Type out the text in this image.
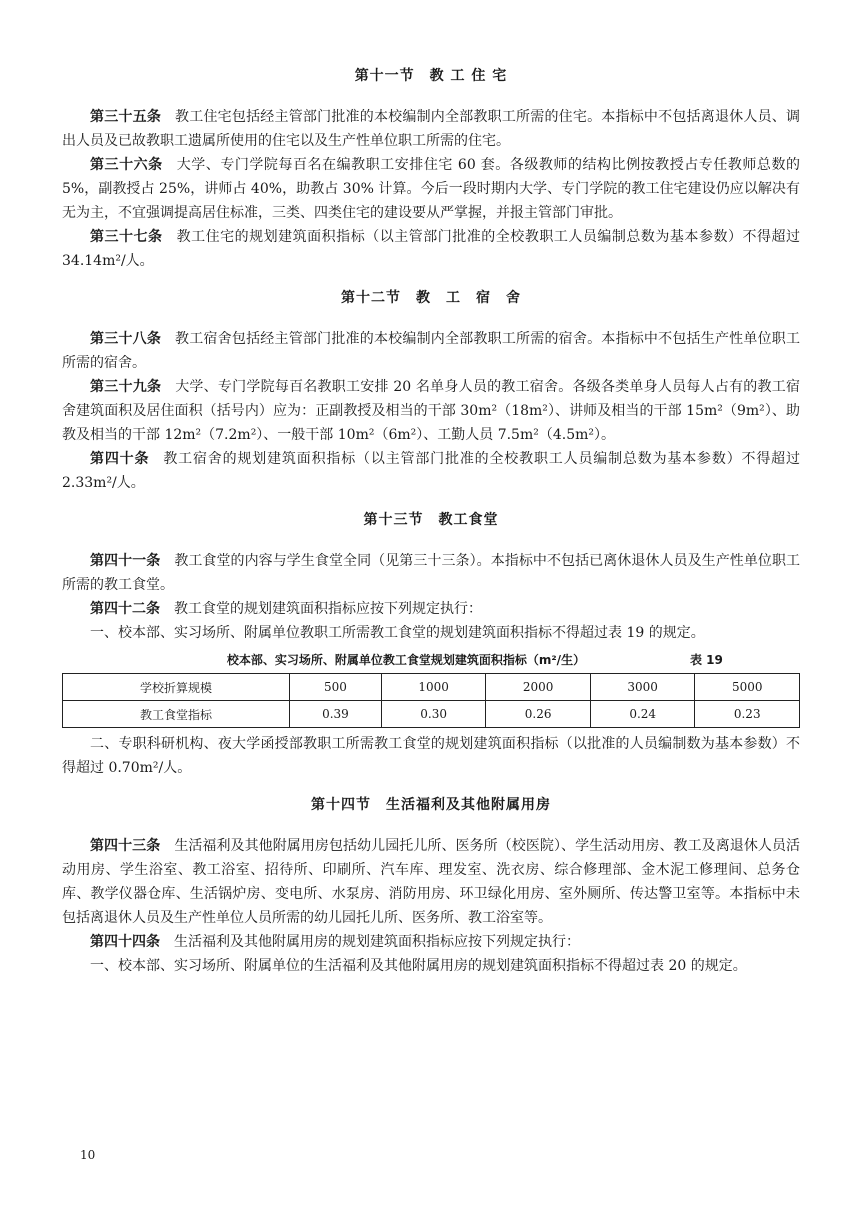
第十一节　教 工 住 宅

第三十五条 教工住宅包括经主管部门批准的本校编制内全部教职工所需的住宅。本指标中不包括离退休人员、调出人员及已故教职工遗属所使用的住宅以及生产性单位职工所需的住宅。

第三十六条 大学、专门学院每百名在编教职工安排住宅 60 套。各级教师的结构比例按教授占专任教师总数的 5%，副教授占 25%，讲师占 40%，助教占 30% 计算。今后一段时期内大学、专门学院的教工住宅建设仍应以解决有无为主，不宜强调提高居住标准，三类、四类住宅的建设要从严掌握，并报主管部门审批。

第三十七条 教工住宅的规划建筑面积指标（以主管部门批准的全校教职工人员编制总数为基本参数）不得超过 34.14m²/人。

第十二节　教　工　宿　舍

第三十八条 教工宿舍包括经主管部门批准的本校编制内全部教职工所需的宿舍。本指标中不包括生产性单位职工所需的宿舍。

第三十九条 大学、专门学院每百名教职工安排 20 名单身人员的教工宿舍。各级各类单身人员每人占有的教工宿舍建筑面积及居住面积（括号内）应为：正副教授及相当的干部 30m²（18m²）、讲师及相当的干部 15m²（9m²）、助教及相当的干部 12m²（7.2m²）、一般干部 10m²（6m²）、工勤人员 7.5m²（4.5m²）。

第四十条 教工宿舍的规划建筑面积指标（以主管部门批准的全校教职工人员编制总数为基本参数）不得超过 2.33m²/人。

第十三节　教工食堂

第四十一条 教工食堂的内容与学生食堂全同（见第三十三条）。本指标中不包括已离休退休人员及生产性单位职工所需的教工食堂。

第四十二条 教工食堂的规划建筑面积指标应按下列规定执行：

一、校本部、实习场所、附属单位教职工所需教工食堂的规划建筑面积指标不得超过表 19 的规定。

校本部、实习场所、附属单位教工食堂规划建筑面积指标（m²/生）	表 19
学校折算规模	500	1000	2000	3000	5000
教工食堂指标	0.39	0.30	0.26	0.24	0.23

二、专职科研机构、夜大学函授部教职工所需教工食堂的规划建筑面积指标（以批准的人员编制数为基本参数）不得超过 0.70m²/人。

第十四节　生活福利及其他附属用房

第四十三条 生活福利及其他附属用房包括幼儿园托儿所、医务所（校医院）、学生活动用房、教工及离退休人员活动用房、学生浴室、教工浴室、招待所、印刷所、汽车库、理发室、洗衣房、综合修理部、金木泥工修理间、总务仓库、教学仪器仓库、生活锅炉房、变电所、水泵房、消防用房、环卫绿化用房、室外厕所、传达警卫室等。本指标中未包括离退休人员及生产性单位人员所需的幼儿园托儿所、医务所、教工浴室等。

第四十四条 生活福利及其他附属用房的规划建筑面积指标应按下列规定执行：

一、校本部、实习场所、附属单位的生活福利及其他附属用房的规划建筑面积指标不得超过表 20 的规定。

10
